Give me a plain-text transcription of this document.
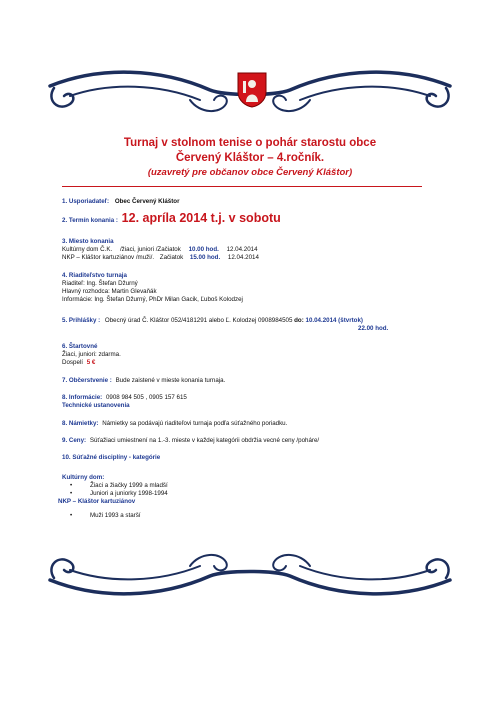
Turnaj v stolnom tenise o pohár starostu obce
Červený Kláštor – 4.ročník.
(uzavretý pre občanov obce Červený Kláštor)
1. Usporiadateľ: Obec Červený Kláštor
2. Termín konania : 12. apríla 2014 t.j. v sobotu
3. Miesto konania
Kultúrny dom Č.K. /žiaci, juniori /Začiatok 10.00 hod. 12.04.2014
NKP – Kláštor kartuziánov /muži/. Začiatok 15.00 hod. 12.04.2014
4. Riaditeľstvo turnaja
Riaditeľ: Ing. Štefan Džurný
Hlavný rozhodca: Martin Glevaňák
Informácie: Ing. Štefan Džurný, PhDr Milan Gacik, Ľuboš Kolodzej
5. Prihlášky : Obecný úrad Č. Kláštor 052/4181291 alebo Ľ. Kolodzej 0908984505 do: 10.04.2014 (štvrtok)
22.00 hod.
6. Štartovné
Žiaci, juniori: zdarma.
Dospelí 5 €
7. Občerstvenie : Bude zaistené v mieste konania turnaja.
8. Informácie: 0908 984 505 , 0905 157 615
Technické ustanovenia
8. Námietky: Námietky sa podávajú riaditeľovi turnaja podľa súťažného poriadku.
9. Ceny: Súťažiaci umiestnení na 1.-3. mieste v každej kategórii obdržia vecné ceny /poháre/
10. Súťažné disciplíny - kategórie
Kultúrny dom:
• Žiaci a žiačky 1999 a mladší
• Juniori a juniorky 1998-1994
NKP – Kláštor kartuziánov
• Muži 1993 a starší
